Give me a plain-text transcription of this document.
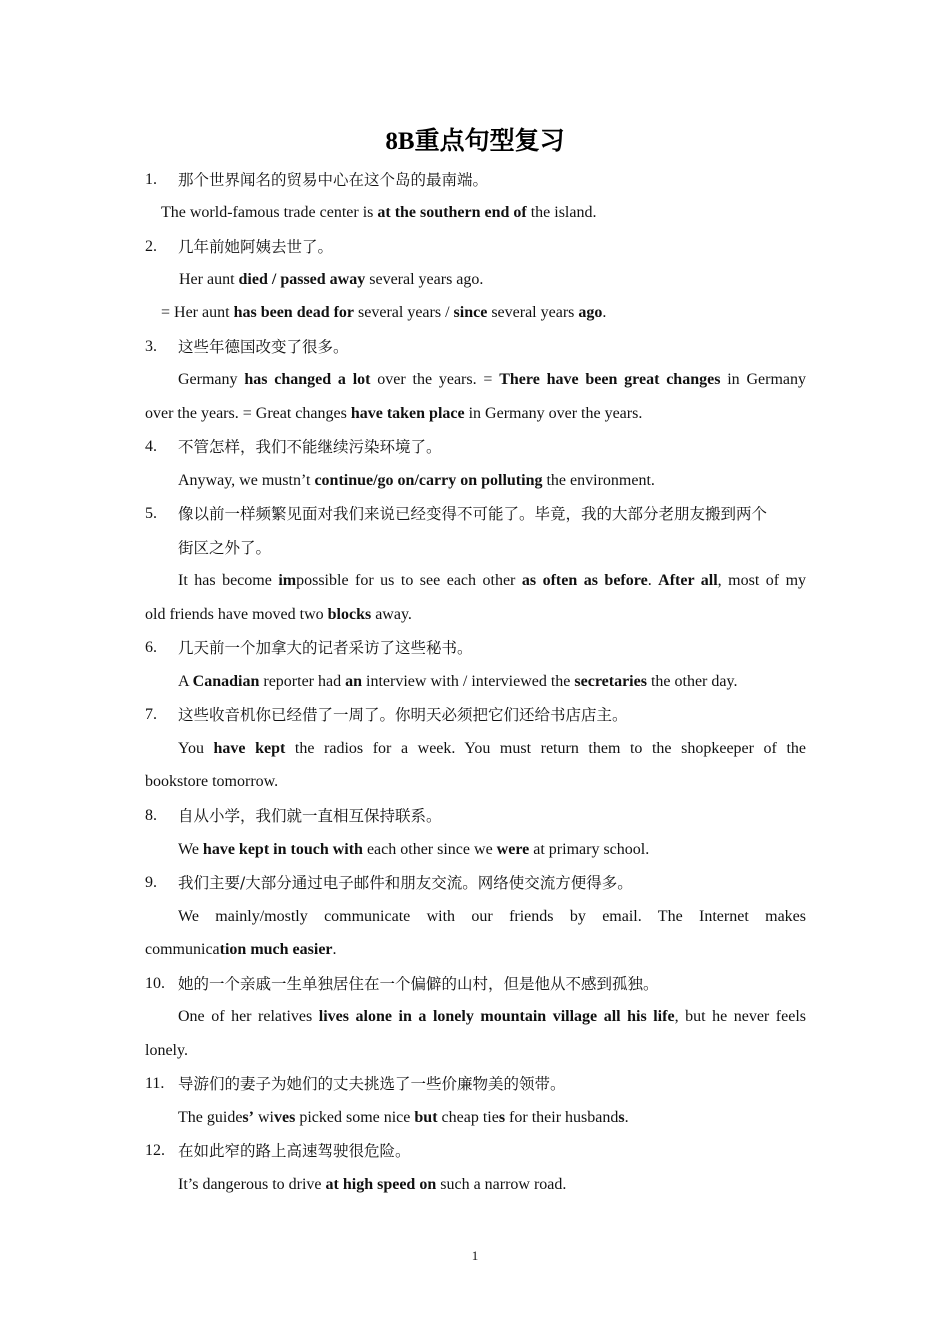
8B重点句型复习
1.	那个世界闻名的贸易中心在这个岛的最南端。
The world-famous trade center is at the southern end of the island.
2.	几年前她阿姨去世了。
Her aunt died / passed away several years ago.
= Her aunt has been dead for several years / since several years ago.
3.	这些年德国改变了很多。
Germany has changed a lot over the years. = There have been great changes in Germany
over the years. = Great changes have taken place in Germany over the years.
4.	不管怎样，我们不能继续污染环境了。
Anyway, we mustn’t continue/go on/carry on polluting the environment.
5.	像以前一样频繁见面对我们来说已经变得不可能了。毕竟，我的大部分老朋友搬到两个
街区之外了。
It has become impossible for us to see each other as often as before. After all, most of my
old friends have moved two blocks away.
6.	几天前一个加拿大的记者采访了这些秘书。
A Canadian reporter had an interview with / interviewed the secretaries the other day.
7.	这些收音机你已经借了一周了。你明天必须把它们还给书店店主。
You have kept the radios for a week. You must return them to the shopkeeper of the
bookstore tomorrow.
8.	自从小学，我们就一直相互保持联系。
We have kept in touch with each other since we were at primary school.
9.	我们主要/大部分通过电子邮件和朋友交流。网络使交流方便得多。
We mainly/mostly communicate with our friends by email. The Internet makes
communication much easier.
10. 她的一个亲戚一生单独居住在一个偏僻的山村，但是他从不感到孤独。
One of her relatives lives alone in a lonely mountain village all his life, but he never feels
lonely.
11. 导游们的妻子为她们的丈夫挑选了一些价廉物美的领带。
The guides’ wives picked some nice but cheap ties for their husbands.
12. 在如此窄的路上高速驾驶很危险。
It’s dangerous to drive at high speed on such a narrow road.
1
